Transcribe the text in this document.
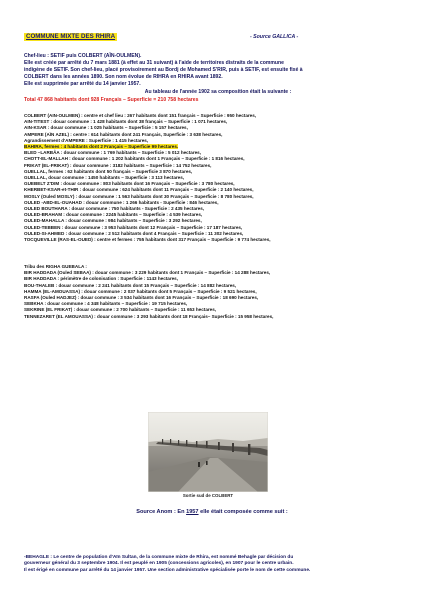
COMMUNE MIXTE DES RHIRA	- Source GALLICA -

Chef-lieu : SETIF puis COLBERT (AÏN-OULMEN).

Elle est créée par arrêté du 7 mars 1881 (à effet au 31 suivant) à l'aide de territoires distraits de la commune

indigène de SETIF. Son chef-lieu, placé provisoirement au Bordj de Mohamed S'RIR, puis à SETIF, est ensuite fixé à

COLBERT dans les années 1890. Son nom évolue de RIHRA en RHIRA avant 1892.

Elle est supprimée par arrêté du 14 janvier 1957.

Au tableau de l'année 1902 sa composition était la suivante :

Total 47 868 habitants dont 928 Français – Superficie = 210 758 hectares

COLBERT (AIN-OULMEN) : centre et chef lieu : 267 habitants dont 151 français – Superficie : 950 hectares,
AIN-TITEST : douar commune : 1 428 habitants dont 38 français – Superficie : 1 071 hectares,
AIN-KSAR : douar commune : 1 025 habitants – Superficie : 5 157 hectares,
AMPERE (AÏN AZEL) : centre : 614 habitants dont 241 Français, Superficie : 3 638 hectares,
Agrandissement d'AMPERE : Superficie : 1 415 hectares,
BAHIRA, fermes : 4 habitants dont 2 Français – Superficie 99 hectares.
BLED –LARBÂA : douar commune : 1 769 habitants – Superficie : 5 012 hectares,
CHOTT-EL-MALLAH : douar commune : 1 202 habitants dont 1 Français – Superficie : 1 816 hectares,
FRIKAT (EL-FRIKAT) : douar commune : 3182 habitants – Superficie : 14 752 hectares,
GUELLAL, fermes : 62 habitants dont 50 français – Superficie 3 870 hectares,
GUELLAL, douar commune : 1450 habitants – Superficie : 3 113 hectares,
GUEBELT Z'DIM : douar commune : 803 habitants dont 16 Français – Superficie : 3 780 hectares,
KHERBET-KSAR-et-THIR : douar commune : 624 habitants dont 11 Français – Superficie : 2 140 hectares,
MOSLY (Ouled MOSLY) : douar commune : 1 563 habitants dont 30 Français – Superficie : 8 780 hectares,
OULED -ABD-EL-OUAHAD : douar commune : 1 266 habitants - Superficie : 846 hectares,
OULED BOUTHARA : douar commune : 750 habitants - Superficie : 2 435 hectares,
OULED-BRAHAM : douar commune : 2245 habitants – Superficie : 4 539 hectares,
OULED-MAHALLA : douar commune : 984 habitants – Superficie : 3 292 hectares,
OULED-TEBBEN : douar commune : 3 953 habitants dont 12 Français – Superficie : 17 187 hectares,
OULED-SI-AHMED : douar commune : 2 512 habitants dont 4 Français – Superficie : 11 302 hectares,
TOCQUEVILLE (RAS-EL-OUED) : centre et fermes : 755 habitants dont 317 Français – Superficie : 9 774 hectares,
Tribu des RIGHA GUEBALA :
BIR HADDADA (Ouled SEBAA) : douar commune : 3 229 habitants dont 1 Français – Superficie : 14 288 hectares,
BIR HADDADA : périmètre de colonisation : Superficie : 1143 hectares,
BOU-THALEB : douar commune : 2 241 habitants dont 15 Français – Superficie : 14 882 hectares,
HAMMA (EL-AMOUASSA) : douar commune : 2 037 habitants dont 5 Français – Superficie : 9 521 hectares,
RASFA (Ouled HADJEZ) : douar commune : 3 534 habitants dont 16 Français – Superficie : 18 690 hectares,
SEBKHA : douar commune : 4 348 habitants – Superficie : 19 715 hectares,
SEKRINE (EL FRIKAT) : douar commune : 2 700 habitants – Superficie : 11 653 hectares,
TENNEZARET (EL AMOUASSA) : douar commune : 3 293 habitants dont 18 Français– Superficie : 15 958 hectares,
Sortie sud de COLBERT
Source Anom : En 1957 elle était composée comme suit :
-BEHAGLE : Le centre de population d'Aïn Sultan, de la commune mixte de Rhira, est nommé Behagle par décision du
gouverneur général du 3 septembre 1904. Il est peuplé en 1905 (concessions agricoles), en 1907 pour le centre urbain.
Il est érigé en commune par arrêté du 14 janvier 1957. Une section administrative spécialisée porte le nom de cette commune.
